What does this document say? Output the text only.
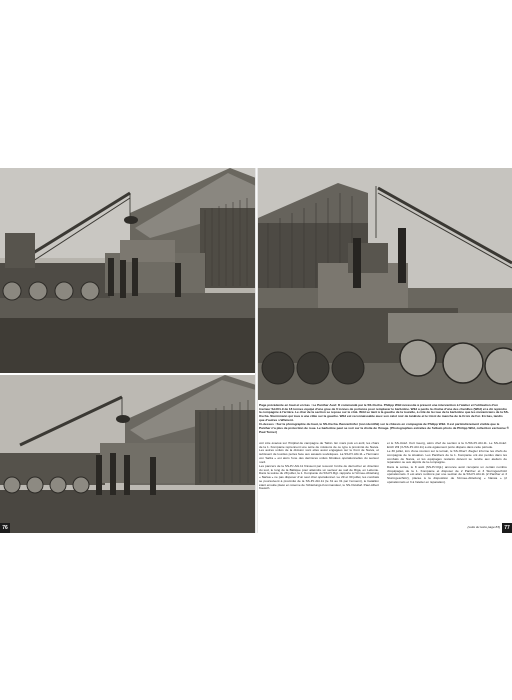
Page précédente en haut et en bas : Le Panther Ausf. D commandé par le SS-Oscha. Philipp Wild nécessite à présent une intervention à l'atelier et l'utilisation d'un tracteur Sd.Kfz.9 de 18 tonnes équipé d'une grue de 6 tonnes de portance pour remplacer le barbotine. Wild a perdu la chaîne d'une des chenilles (Wild) et a dû rejoindre la compagnie à l'arrière. Le char de la section se repose sur le côté. Wild se tient à la gauche de la tourelle, à côté de la roue de la barbotine que les mécaniciens de la SS-Oscha. Sturmmann qui tous à une cible sur la gauche. Wild est reconnaissable avec son calot noir de tankiste et le tricot de manche de la Croix de Fer. En bas, tandis que d'autres s'affairent.

Ci-dessus : Sur la photographie du haut, le SS-Oscha. Benzenhöfer (non identifié) sur le châssis en compagnie de Philipp Wild. Il est particulièrement visible que le Panther n'a plus de protection de roue. Le barbotine peut se voir sur la droite de l'image. (Photographies extraites de l'album photo de Philipp Wild, collection exclusive ® Paul Turner)

voir être évacué sur l'hôpital de campagne de Talinn. En mars puis en avril, les chars de la 1. Kompanie reprennent une série de missions de ce type à proximité de Narva. Les autres unités de la division sont elles aussi engagées sur le front de Narva, et subissent de lourdes pertes face aux assauts soviétiques. La SS-Pz.Abt.11 « Hermann von Salza » est alors l'une des dernières unités blindées opérationnelles du secteur nord.

Les panzers de la SS-Pz.Abt.11 finissent par recevoir l'ordre de décrocher en direction du sud, le long de la Baltique pour atteindre un secteur au sud de Riga, en Lettonie. Dans la soirée du 28 juillet, la 1. Kompanie du SS-Pz.Rgt. rapporte à l'Armee-Abteilung « Narwa » ne pas disposer d'un seul char opérationnel. Le 29 et 30 juillet, les combats se poursuivent à proximité de la SS-Pz.Abt.11 (le 31 au 31 par l'ennemi), le bataillon étant ensuite placé en réserve de l'Abteilungs-Kommandeur, le SS-Ostubaf. Paul-Albert Kausch.

et le SS-Ustuf. Kurt Georg, alors chef de section à la 3./SS-Pz.Abt.11. Le SS-Ustuf. Erich Wil (3./SS-Pz.Abt.11) a été également porté disparu dans cette période.

Le 30 juillet, lors d'une réunion sur le terrain, le SS-Oberf. Ziegler informe les chefs de compagnie de la situation. Les Panthers de la 1. Kompanie ont été perdus dans les combats de Narva, et les équipages restants doivent se rendre aux ateliers de réparation ou aux dépôts de la compagnie.

Dans la soirée, le 8 août (SS-Pz.Rgt.) annonce avoir récupéré un certain nombre d'équipages de la 1. Kompanie et disposer de 2 Panther et 3 Sturmgeschütz opérationnels. Il est alors renforcé par une section de la SS-Pz.Abt.11 (2 Panther et 3 Sturmgeschütz), placée à la disposition de l'Armee-Abteilung « Narwa » (2 opérationnels et 3 à l'atelier en réparation).

(suite du texte page 83)
76	77
